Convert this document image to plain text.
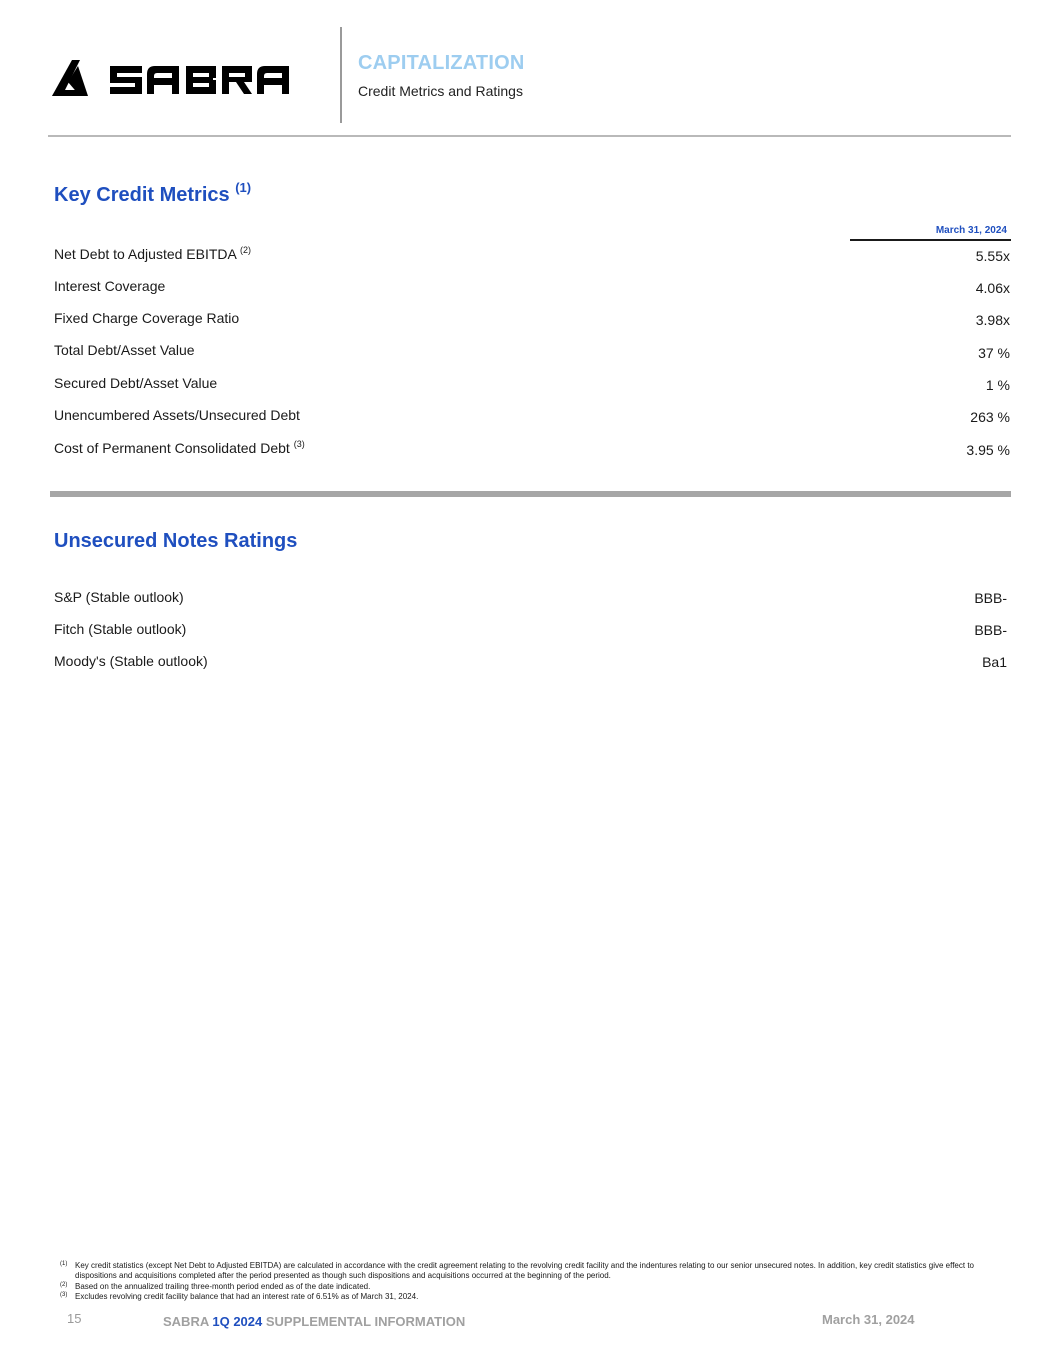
CAPITALIZATION
Credit Metrics and Ratings
Key Credit Metrics $^{(1)}$
March 31, 2024
Net Debt to Adjusted EBITDA $^{(2)}$	5.55x
Interest Coverage	4.06x
Fixed Charge Coverage Ratio	3.98x
Total Debt/Asset Value	37 %
Secured Debt/Asset Value	1 %
Unencumbered Assets/Unsecured Debt	263 %
Cost of Permanent Consolidated Debt $^{(3)}$	3.95 %
Unsecured Notes Ratings
S&P (Stable outlook)	BBB-
Fitch (Stable outlook)	BBB-
Moody's (Stable outlook)	Ba1
(1) Key credit statistics (except Net Debt to Adjusted EBITDA) are calculated in accordance with the credit agreement relating to the revolving credit facility and the indentures relating to our senior unsecured notes. In addition, key credit statistics give effect to dispositions and acquisitions completed after the period presented as though such dispositions and acquisitions occurred at the beginning of the period.
(2) Based on the annualized trailing three-month period ended as of the date indicated.
(3) Excludes revolving credit facility balance that had an interest rate of 6.51% as of March 31, 2024.
15	SABRA 1Q 2024 SUPPLEMENTAL INFORMATION	March 31, 2024
